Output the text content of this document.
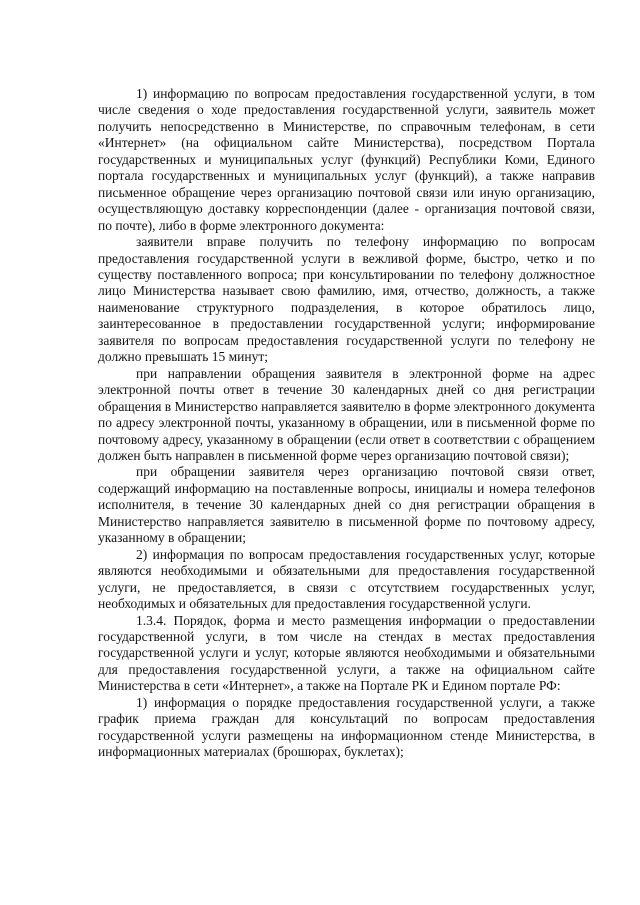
1) информацию по вопросам предоставления государственной услуги, в том числе сведения о ходе предоставления государственной услуги, заявитель может получить непосредственно в Министерстве, по справочным телефонам, в сети «Интернет» (на официальном сайте Министерства), посредством Портала государственных и муниципальных услуг (функций) Республики Коми, Единого портала государственных и муниципальных услуг (функций), а также направив письменное обращение через организацию почтовой связи или иную организацию, осуществляющую доставку корреспонденции (далее - организация почтовой связи, по почте), либо в форме электронного документа:

заявители вправе получить по телефону информацию по вопросам предоставления государственной услуги в вежливой форме, быстро, четко и по существу поставленного вопроса; при консультировании по телефону должностное лицо Министерства называет свою фамилию, имя, отчество, должность, а также наименование структурного подразделения, в которое обратилось лицо, заинтересованное в предоставлении государственной услуги; информирование заявителя по вопросам предоставления государственной услуги по телефону не должно превышать 15 минут;

при направлении обращения заявителя в электронной форме на адрес электронной почты ответ в течение 30 календарных дней со дня регистрации обращения в Министерство направляется заявителю в форме электронного документа по адресу электронной почты, указанному в обращении, или в письменной форме по почтовому адресу, указанному в обращении (если ответ в соответствии с обращением должен быть направлен в письменной форме через организацию почтовой связи);

при обращении заявителя через организацию почтовой связи ответ, содержащий информацию на поставленные вопросы, инициалы и номера телефонов исполнителя, в течение 30 календарных дней со дня регистрации обращения в Министерство направляется заявителю в письменной форме по почтовому адресу, указанному в обращении;

2) информация по вопросам предоставления государственных услуг, которые являются необходимыми и обязательными для предоставления государственной услуги, не предоставляется, в связи с отсутствием государственных услуг, необходимых и обязательных для предоставления государственной услуги.

1.3.4. Порядок, форма и место размещения информации о предоставлении государственной услуги, в том числе на стендах в местах предоставления государственной услуги и услуг, которые являются необходимыми и обязательными для предоставления государственной услуги, а также на официальном сайте Министерства в сети «Интернет», а также на Портале РК и Едином портале РФ:

1) информация о порядке предоставления государственной услуги, а также график приема граждан для консультаций по вопросам предоставления государственной услуги размещены на информационном стенде Министерства, в информационных материалах (брошюрах, буклетах);
